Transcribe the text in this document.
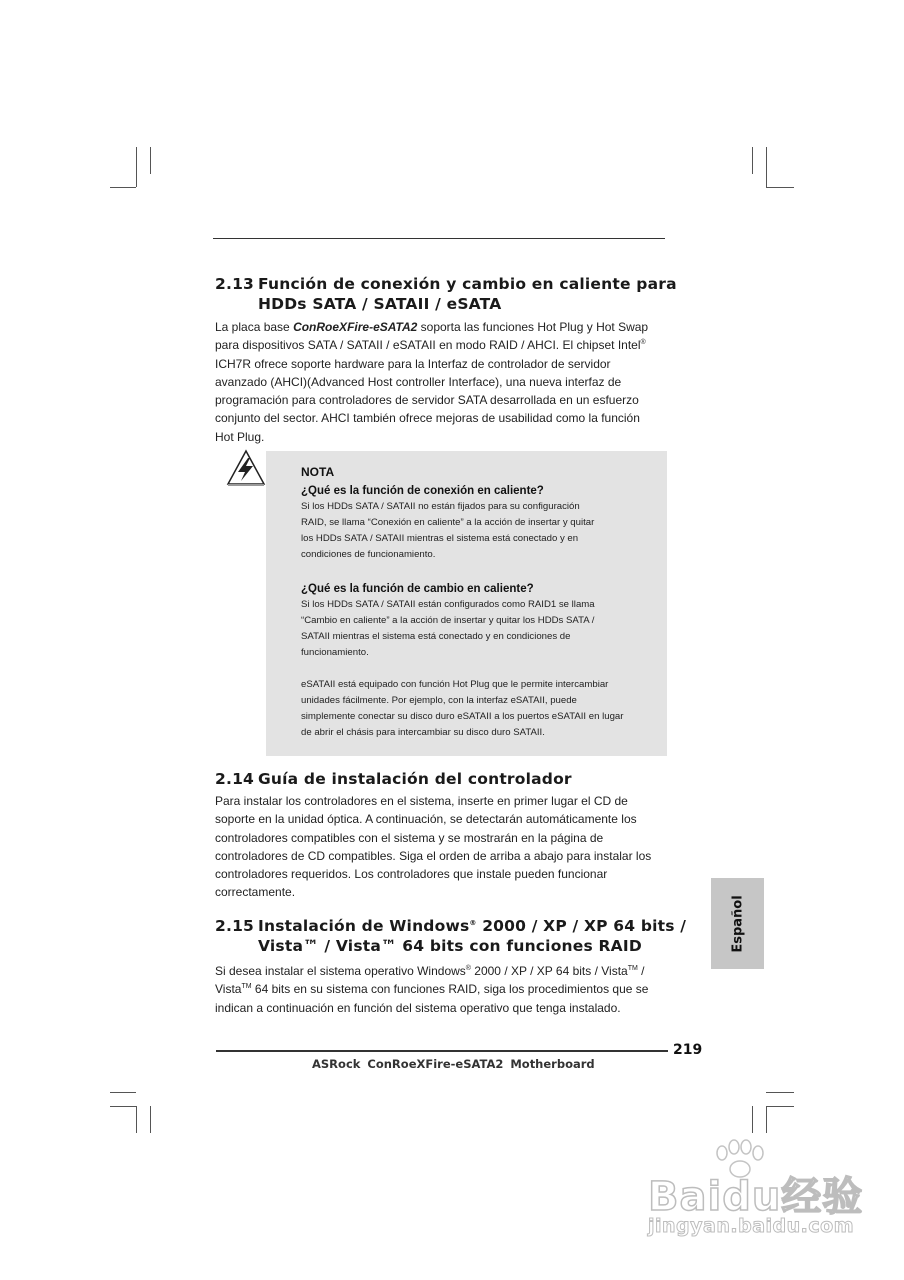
2.13 Función de conexión y cambio en caliente para
HDDs SATA / SATAII / eSATA
La placa base ConRoeXFire-eSATA2 soporta las funciones Hot Plug y Hot Swap
para dispositivos SATA / SATAII / eSATAII en modo RAID / AHCI. El chipset Intel®
ICH7R ofrece soporte hardware para la Interfaz de controlador de servidor
avanzado (AHCI)(Advanced Host controller Interface), una nueva interfaz de
programación para controladores de servidor SATA desarrollada en un esfuerzo
conjunto del sector. AHCI también ofrece mejoras de usabilidad como la función
Hot Plug.
NOTA
¿Qué es la función de conexión en caliente?

Si los HDDs SATA / SATAII no están fijados para su configuración

RAID, se llama “Conexión en caliente” a la acción de insertar y quitar

los HDDs SATA / SATAII mientras el sistema está conectado y en

condiciones de funcionamiento.

¿Qué es la función de cambio en caliente?

Si los HDDs SATA / SATAII están configurados como RAID1 se llama

“Cambio en caliente” a la acción de insertar y quitar los HDDs SATA /

SATAII mientras el sistema está conectado y en condiciones de

funcionamiento.

eSATAII está equipado con función Hot Plug que le permite intercambiar

unidades fácilmente. Por ejemplo, con la interfaz eSATAII, puede

simplemente conectar su disco duro eSATAII a los puertos eSATAII en lugar

de abrir el chásis para intercambiar su disco duro SATAII.

2.14 Guía de instalación del controlador
Para instalar los controladores en el sistema, inserte en primer lugar el CD de
soporte en la unidad óptica. A continuación, se detectarán automáticamente los
controladores compatibles con el sistema y se mostrarán en la página de
controladores de CD compatibles. Siga el orden de arriba a abajo para instalar los
controladores requeridos. Los controladores que instale pueden funcionar
correctamente.
2.15 Instalación de Windows® 2000 / XP / XP 64 bits /
Vista™ / Vista™ 64 bits con funciones RAID
Si desea instalar el sistema operativo Windows® 2000 / XP / XP 64 bits / Vista™ /
Vista™ 64 bits en su sistema con funciones RAID, siga los procedimientos que se
indican a continuación en función del sistema operativo que tenga instalado.
Español
219
ASRock ConRoeXFire-eSATA2 Motherboard
Baidu经验
jingyan.baidu.com
